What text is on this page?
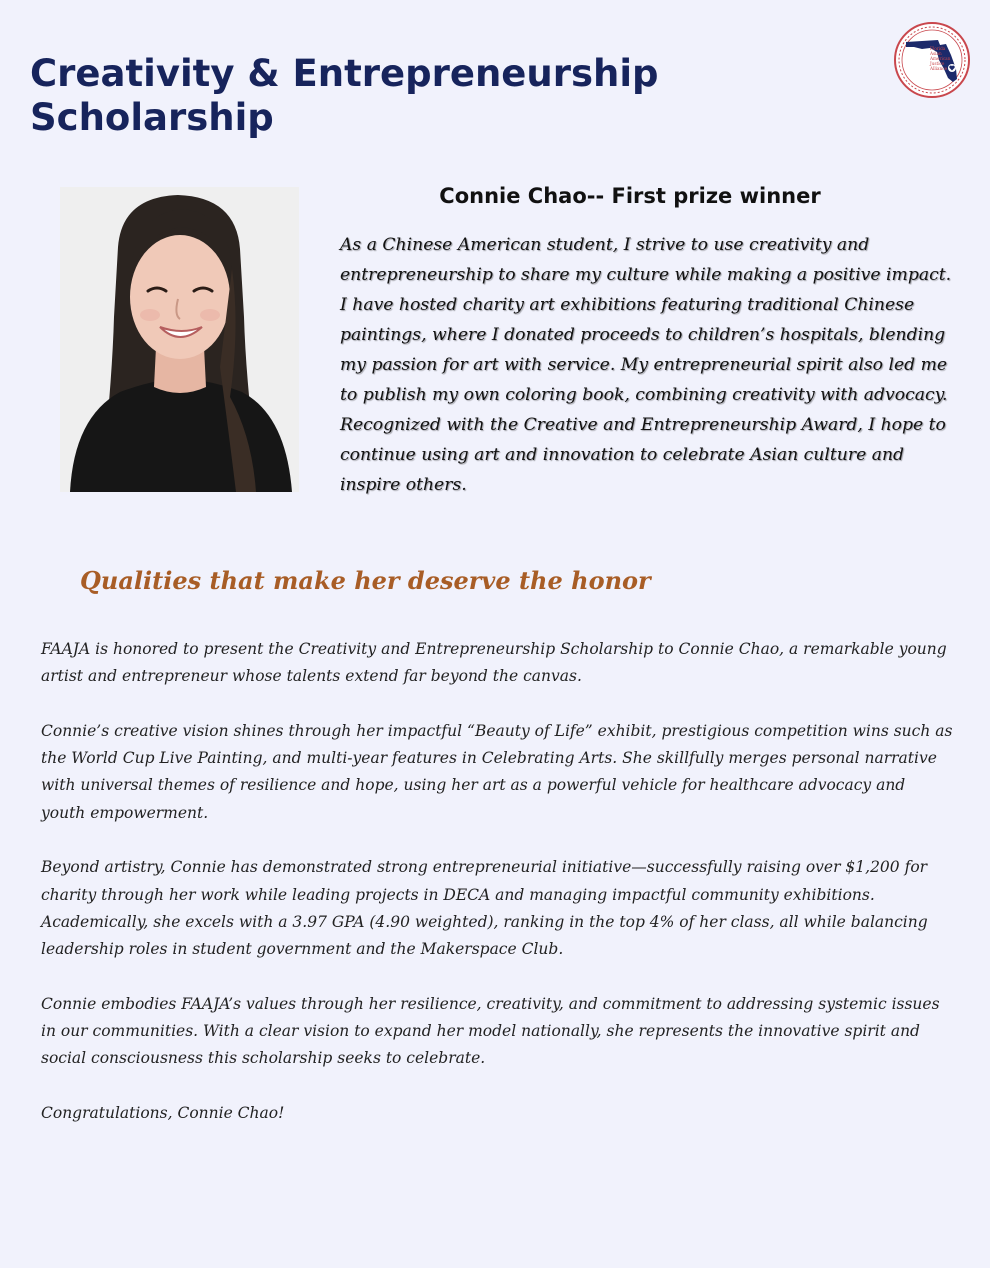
Creativity & Entrepreneurship Scholarship
Florida
Asian
American
Justice
Alliance
Connie Chao-- First prize winner

As a Chinese American student, I strive to use creativity and entrepreneurship to share my culture while making a positive impact. I have hosted charity art exhibitions featuring traditional Chinese paintings, where I donated proceeds to children’s hospitals, blending my passion for art with service. My entrepreneurial spirit also led me to publish my own coloring book, combining creativity with advocacy. Recognized with the Creative and Entrepreneurship Award, I hope to continue using art and innovation to celebrate Asian culture and inspire others.

Qualities that make her deserve the honor

FAAJA is honored to present the Creativity and Entrepreneurship Scholarship to Connie Chao, a remarkable young artist and entrepreneur whose talents extend far beyond the canvas.

Connie’s creative vision shines through her impactful “Beauty of Life” exhibit, prestigious competition wins such as the World Cup Live Painting, and multi-year features in Celebrating Arts. She skillfully merges personal narrative with universal themes of resilience and hope, using her art as a powerful vehicle for healthcare advocacy and youth empowerment.

Beyond artistry, Connie has demonstrated strong entrepreneurial initiative—successfully raising over $1,200 for charity through her work while leading projects in DECA and managing impactful community exhibitions. Academically, she excels with a 3.97 GPA (4.90 weighted), ranking in the top 4% of her class, all while balancing leadership roles in student government and the Makerspace Club.

Connie embodies FAAJA’s values through her resilience, creativity, and commitment to addressing systemic issues in our communities. With a clear vision to expand her model nationally, she represents the innovative spirit and social consciousness this scholarship seeks to celebrate.

Congratulations, Connie Chao!
